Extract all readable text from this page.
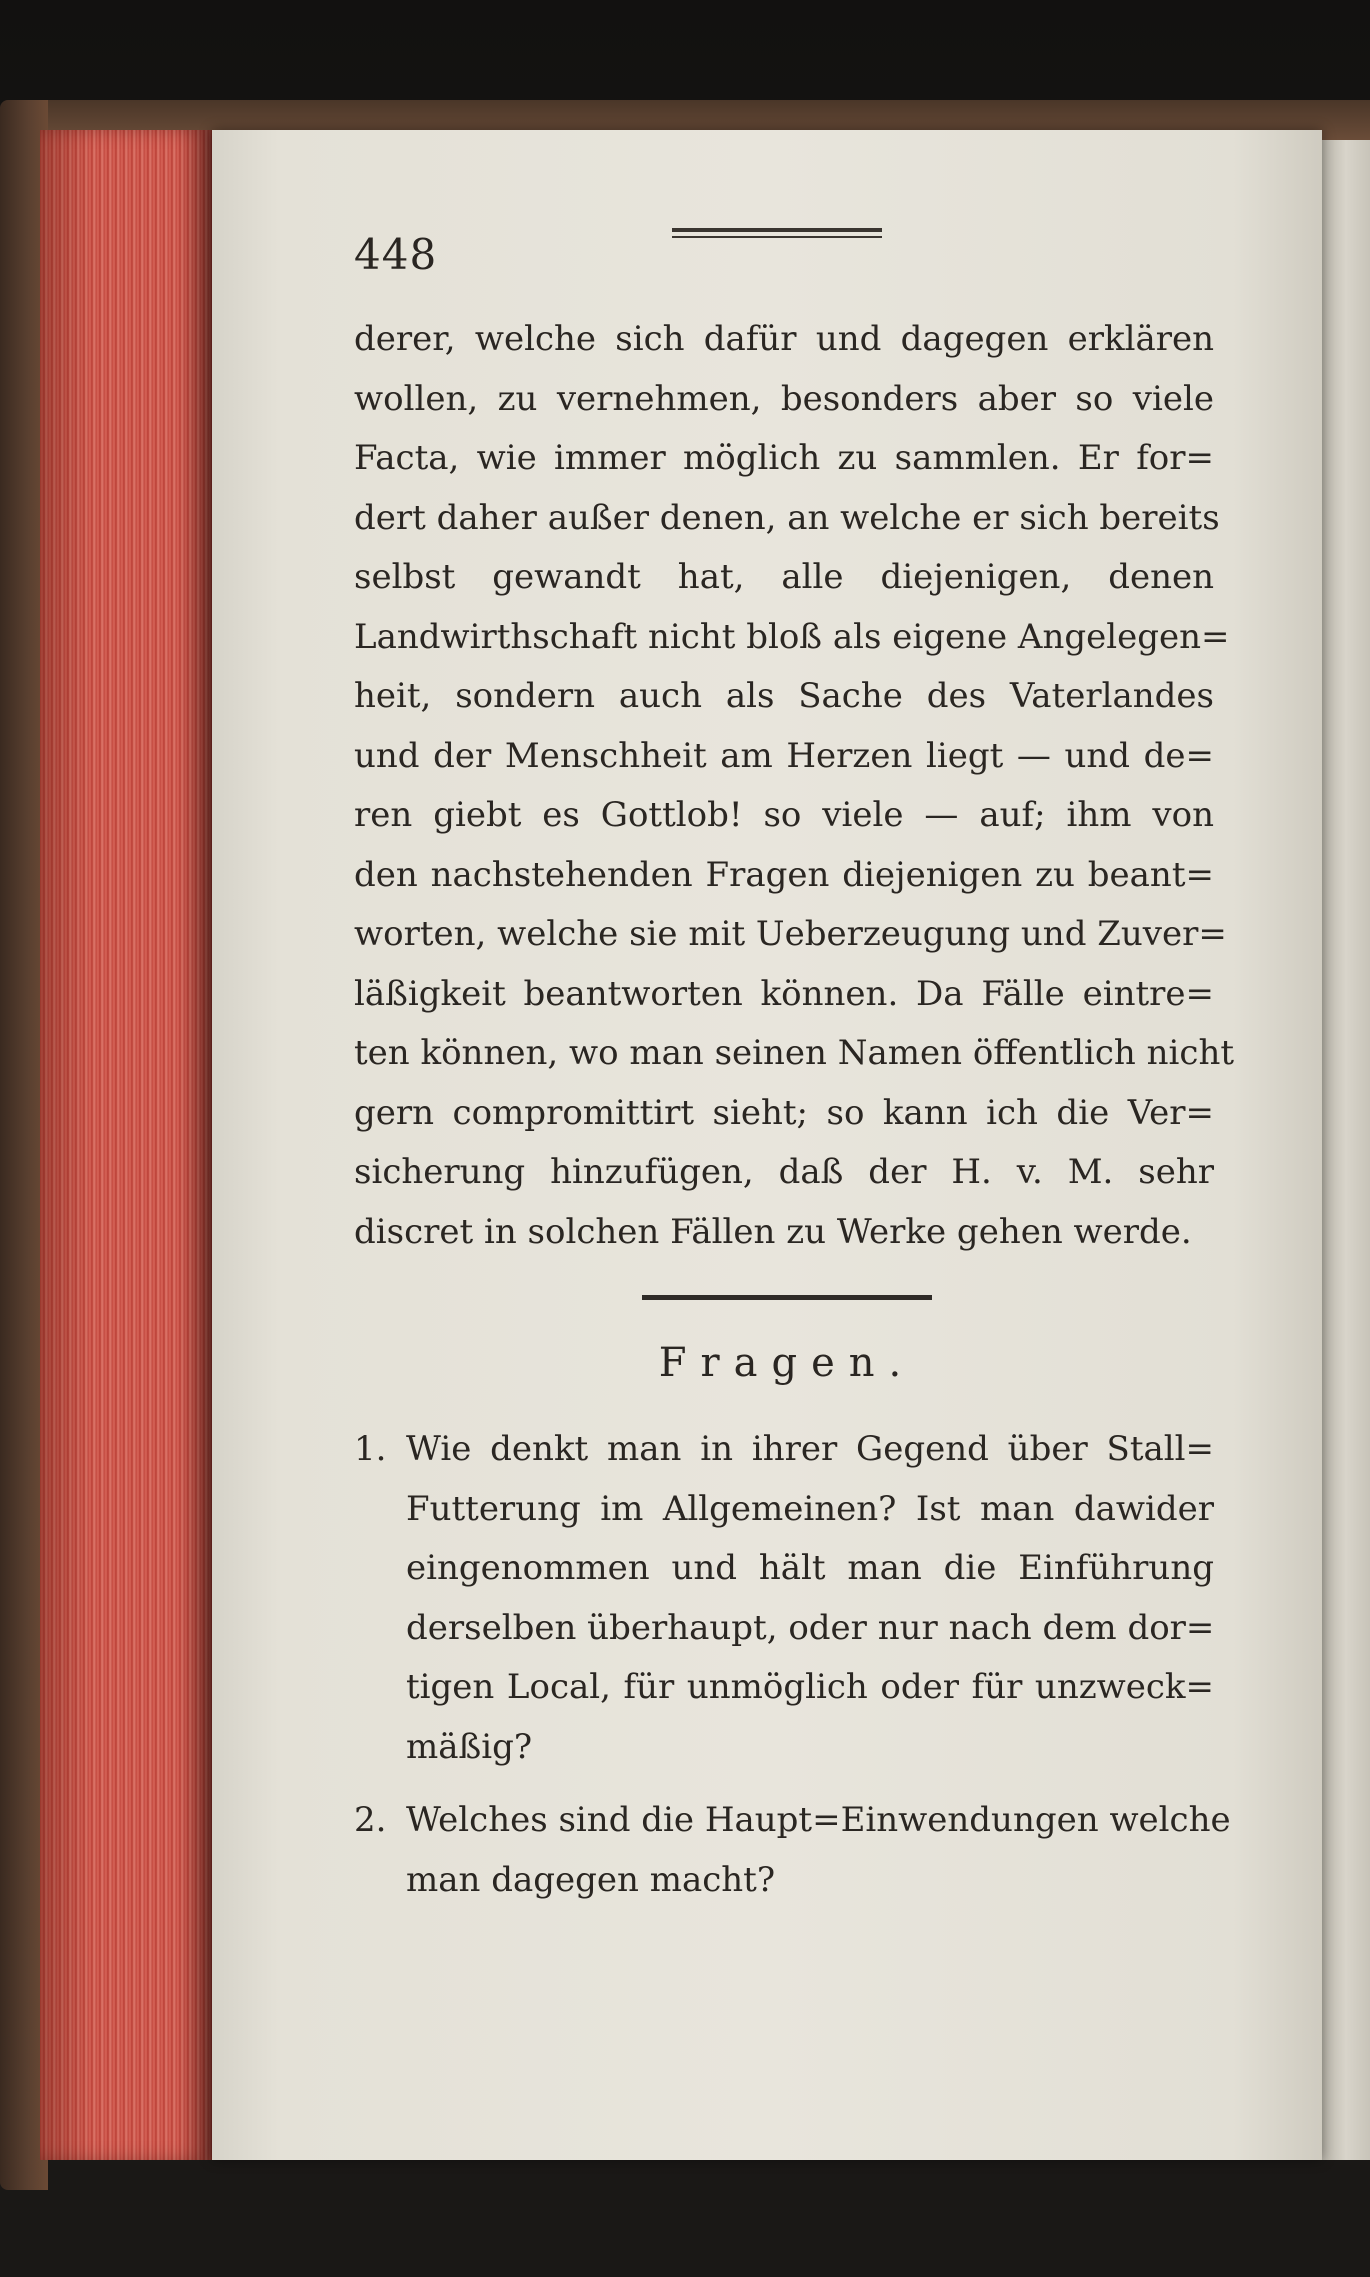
448
derer, welche sich dafür und dagegen erklären
wollen, zu vernehmen, besonders aber so viele
Facta, wie immer möglich zu sammlen. Er for=
dert daher außer denen, an welche er sich bereits
selbst gewandt hat, alle diejenigen, denen
Landwirthschaft nicht bloß als eigene Angelegen=
heit, sondern auch als Sache des Vaterlandes
und der Menschheit am Herzen liegt — und de=
ren giebt es Gottlob! so viele — auf; ihm von
den nachstehenden Fragen diejenigen zu beant=
worten, welche sie mit Ueberzeugung und Zuver=
läßigkeit beantworten können. Da Fälle eintre=
ten können, wo man seinen Namen öffentlich nicht
gern compromittirt sieht; so kann ich die Ver=
sicherung hinzufügen, daß der H. v. M. sehr
discret in solchen Fällen zu Werke gehen werde.
Fragen.
1. Wie denkt man in ihrer Gegend über Stall=
Futterung im Allgemeinen? Ist man dawider
eingenommen und hält man die Einführung
derselben überhaupt, oder nur nach dem dor=
tigen Local, für unmöglich oder für unzweck=
mäßig?
2. Welches sind die Haupt=Einwendungen welche
man dagegen macht?
